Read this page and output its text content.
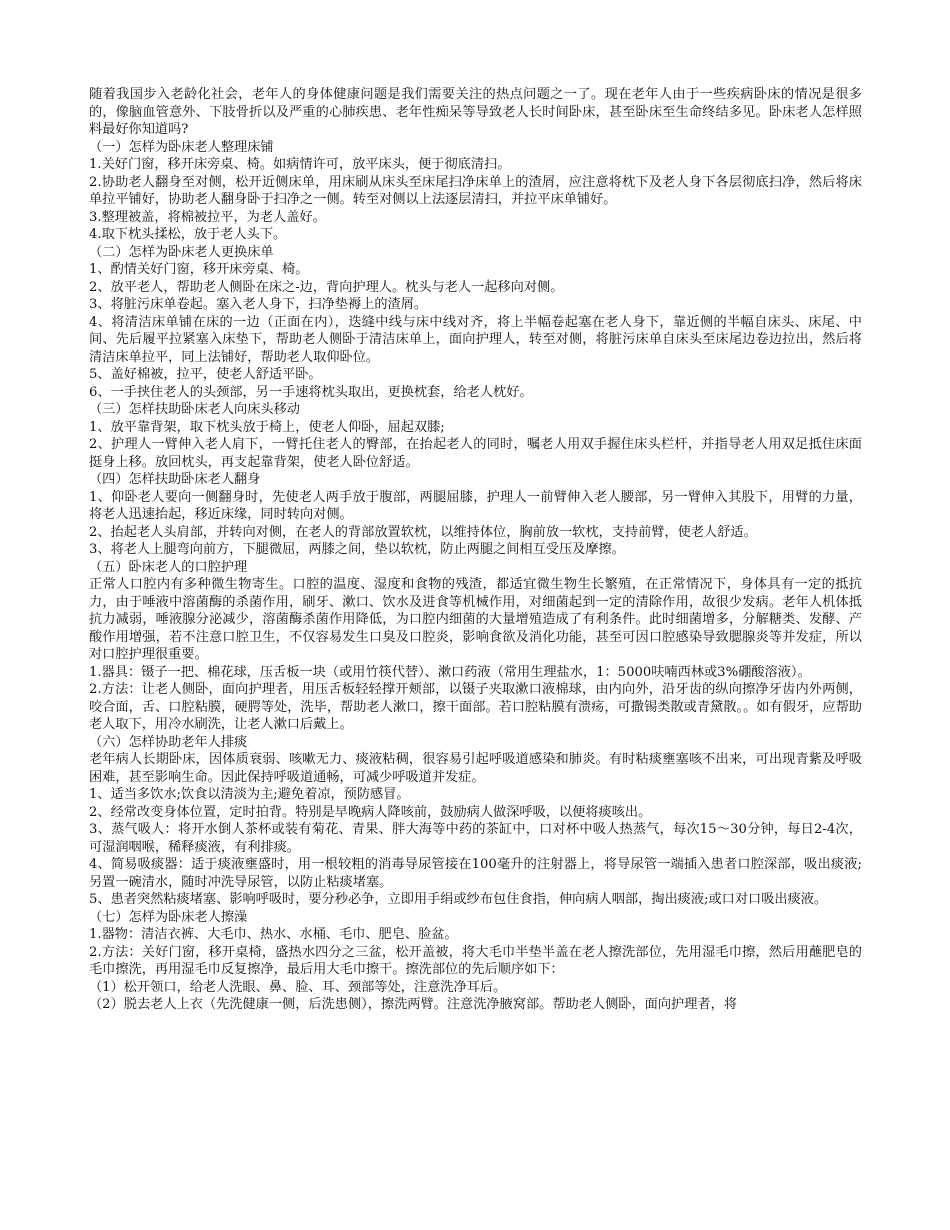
随着我国步入老龄化社会，老年人的身体健康问题是我们需要关注的热点问题之一了。现在老年人由于一些疾病卧床的情况是很多的，像脑血管意外、下肢骨折以及严重的心肺疾患、老年性痴呆等导致老人长时间卧床，甚至卧床至生命终结多见。卧床老人怎样照料最好你知道吗?

（一）怎样为卧床老人整理床铺

1.关好门窗，移开床旁桌、椅。如病情许可，放平床头，便于彻底清扫。

2.协助老人翻身至对侧，松开近侧床单，用床刷从床头至床尾扫净床单上的渣屑，应注意将枕下及老人身下各层彻底扫净，然后将床单拉平铺好，协助老人翻身卧于扫净之一侧。转至对侧以上法逐层清扫，并拉平床单铺好。

3.整理被盖，将棉被拉平，为老人盖好。

4.取下枕头揉松，放于老人头下。

（二）怎样为卧床老人更换床单

1、酌情关好门窗，移开床旁桌、椅。

2、放平老人，帮助老人侧卧在床之-边，背向护理人。枕头与老人一起移向对侧。

3、将脏污床单卷起。塞入老人身下，扫净垫褥上的渣屑。

4、将清洁床单铺在床的一边（正面在内），迭缝中线与床中线对齐，将上半幅卷起塞在老人身下，靠近侧的半幅自床头、床尾、中间、先后履平拉紧塞入床垫下，帮助老人侧卧于清洁床单上，面向护理人，转至对侧，将脏污床单自床头至床尾边卷边拉出，然后将清洁床单拉平，同上法铺好，帮助老人取仰卧位。

5、盖好棉被，拉平，使老人舒适平卧。

6、一手挟住老人的头颈部，另一手速将枕头取出，更换枕套，给老人枕好。

（三）怎样扶助卧床老人向床头移动

1、放平靠背架，取下枕头放于椅上，使老人仰卧，屈起双膝;

2、护理人一臂伸入老人肩下，一臂托住老人的臀部，在抬起老人的同时，嘱老人用双手握住床头栏杆，并指导老人用双足抵住床面挺身上移。放回枕头，再支起靠背架，使老人卧位舒适。

（四）怎样扶助卧床老人翻身

1、仰卧老人要向一侧翻身时，先使老人两手放于腹部，两腿屈膝，护理人一前臂伸入老人腰部，另一臂伸入其股下，用臂的力量，将老人迅速抬起，移近床缘，同时转向对侧。

2、抬起老人头肩部，并转向对侧，在老人的背部放置软枕，以维持体位，胸前放一软枕，支持前臂，使老人舒适。

3、将老人上腿弯向前方，下腿微屈，两膝之间，垫以软枕，防止两腿之间相互受压及摩擦。

（五）卧床老人的口腔护理

正常人口腔内有多种微生物寄生。口腔的温度、湿度和食物的残渣，都适宜微生物生长繁殖，在正常情况下，身体具有一定的抵抗力，由于唾液中溶菌酶的杀菌作用，刷牙、漱口、饮水及进食等机械作用，对细菌起到一定的清除作用，故很少发病。老年人机体抵抗力减弱，唾液腺分泌减少，溶菌酶杀菌作用降低，为口腔内细菌的大量增殖造成了有利条件。此时细菌增多，分解糖类、发酵、产酸作用增强，若不注意口腔卫生，不仅容易发生口臭及口腔炎，影响食欲及消化功能，甚至可因口腔感染导致腮腺炎等并发症，所以对口腔护理很重要。

1.器具：镊子一把、棉花球，压舌板一块（或用竹筷代替）、漱口药液（常用生理盐水，1：5000呋喃西林或3%硼酸溶液）。

2.方法：让老人侧卧，面向护理者，用压舌板轻轻撑开颊部，以镊子夹取漱口液棉球，由内向外，沿牙齿的纵向擦净牙齿内外两侧，咬合面，舌、口腔粘膜，硬腭等处，洗毕，帮助老人漱口，擦干面部。若口腔粘膜有溃疡，可撒锡类散或青黛散。。如有假牙，应帮助老人取下，用冷水刷洗，让老人漱口后戴上。

（六）怎样协助老年人排痰

老年病人长期卧床，因体质衰弱、咳嗽无力、痰液粘稠，很容易引起呼吸道感染和肺炎。有时粘痰壅塞咳不出来，可出现青紫及呼吸困难，甚至影响生命。因此保持呼吸道通畅，可减少呼吸道并发症。

1、适当多饮水;饮食以清淡为主;避免着凉，预防感冒。

2、经常改变身体位置，定时拍背。特别是早晚病人降咳前，鼓励病人做深呼吸，以便将痰咳出。

3、蒸气吸人：将开水倒人茶杯或装有菊花、青果、胖大海等中药的茶缸中，口对杯中吸人热蒸气，每次15～30分钟，每日2-4次，可湿润咽喉，稀释痰液，有利排痰。

4、简易吸痰器：适于痰液壅盛时，用一根较粗的消毒导尿管接在100毫升的注射器上，将导尿管一端插入患者口腔深部，吸出痰液;另置一碗清水，随时冲洗导尿管，以防止粘痰堵塞。

5、患者突然粘痰堵塞、影响呼吸时，要分秒必争，立即用手绢或纱布包住食指，伸向病人咽部，掏出痰液;或口对口吸出痰液。

（七）怎样为卧床老人擦澡

1.器物：清洁衣裤、大毛巾、热水、水桶、毛巾、肥皂、脸盆。

2.方法：关好门窗，移开桌椅，盛热水四分之三盆，松开盖被，将大毛巾半垫半盖在老人擦洗部位，先用湿毛巾擦，然后用蘸肥皂的毛巾擦洗，再用湿毛巾反复擦净，最后用大毛巾擦干。擦洗部位的先后顺序如下：

（1）松开领口，给老人洗眼、鼻、脸、耳、颈部等处，注意洗净耳后。

（2）脱去老人上衣（先洗健康一侧，后洗患侧），擦洗两臂。注意洗净腋窝部。帮助老人侧卧，面向护理者，将
